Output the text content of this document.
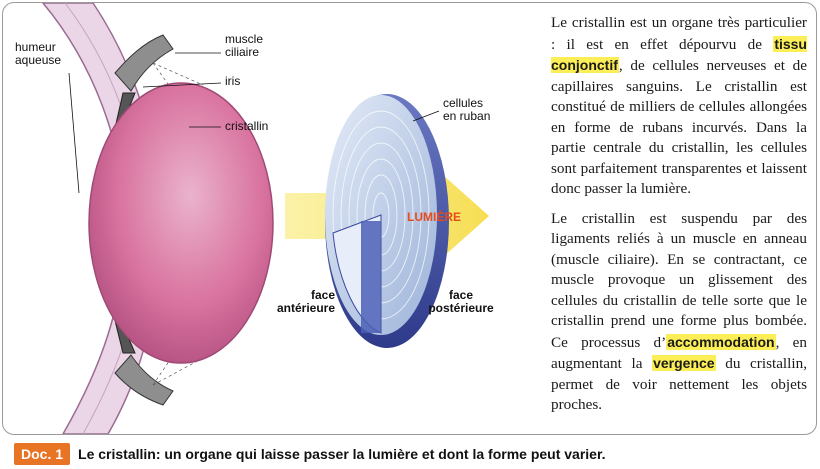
humeur
aqueuse
muscle
ciliaire
iris
cristallin
cellules
en ruban
LUMIÈRE
face
antérieure
face
postérieure

Le cristallin est un organe très particulier : il est en effet dépourvu de tissu conjonctif, de cellules nerveuses et de capillaires sanguins. Le cristallin est constitué de milliers de cellules allongées en forme de rubans incurvés. Dans la partie centrale du cristallin, les cellules sont parfaitement transparentes et laissent donc passer la lumière.

Le cristallin est suspendu par des ligaments reliés à un muscle en anneau (muscle ciliaire). En se contractant, ce muscle provoque un glissement des cellules du cristallin de telle sorte que le cristallin prend une forme plus bombée. Ce processus d’accommodation, en augmentant la vergence du cristallin, permet de voir nettement les objets proches.

Doc. 1	Le cristallin: un organe qui laisse passer la lumière et dont la forme peut varier.
